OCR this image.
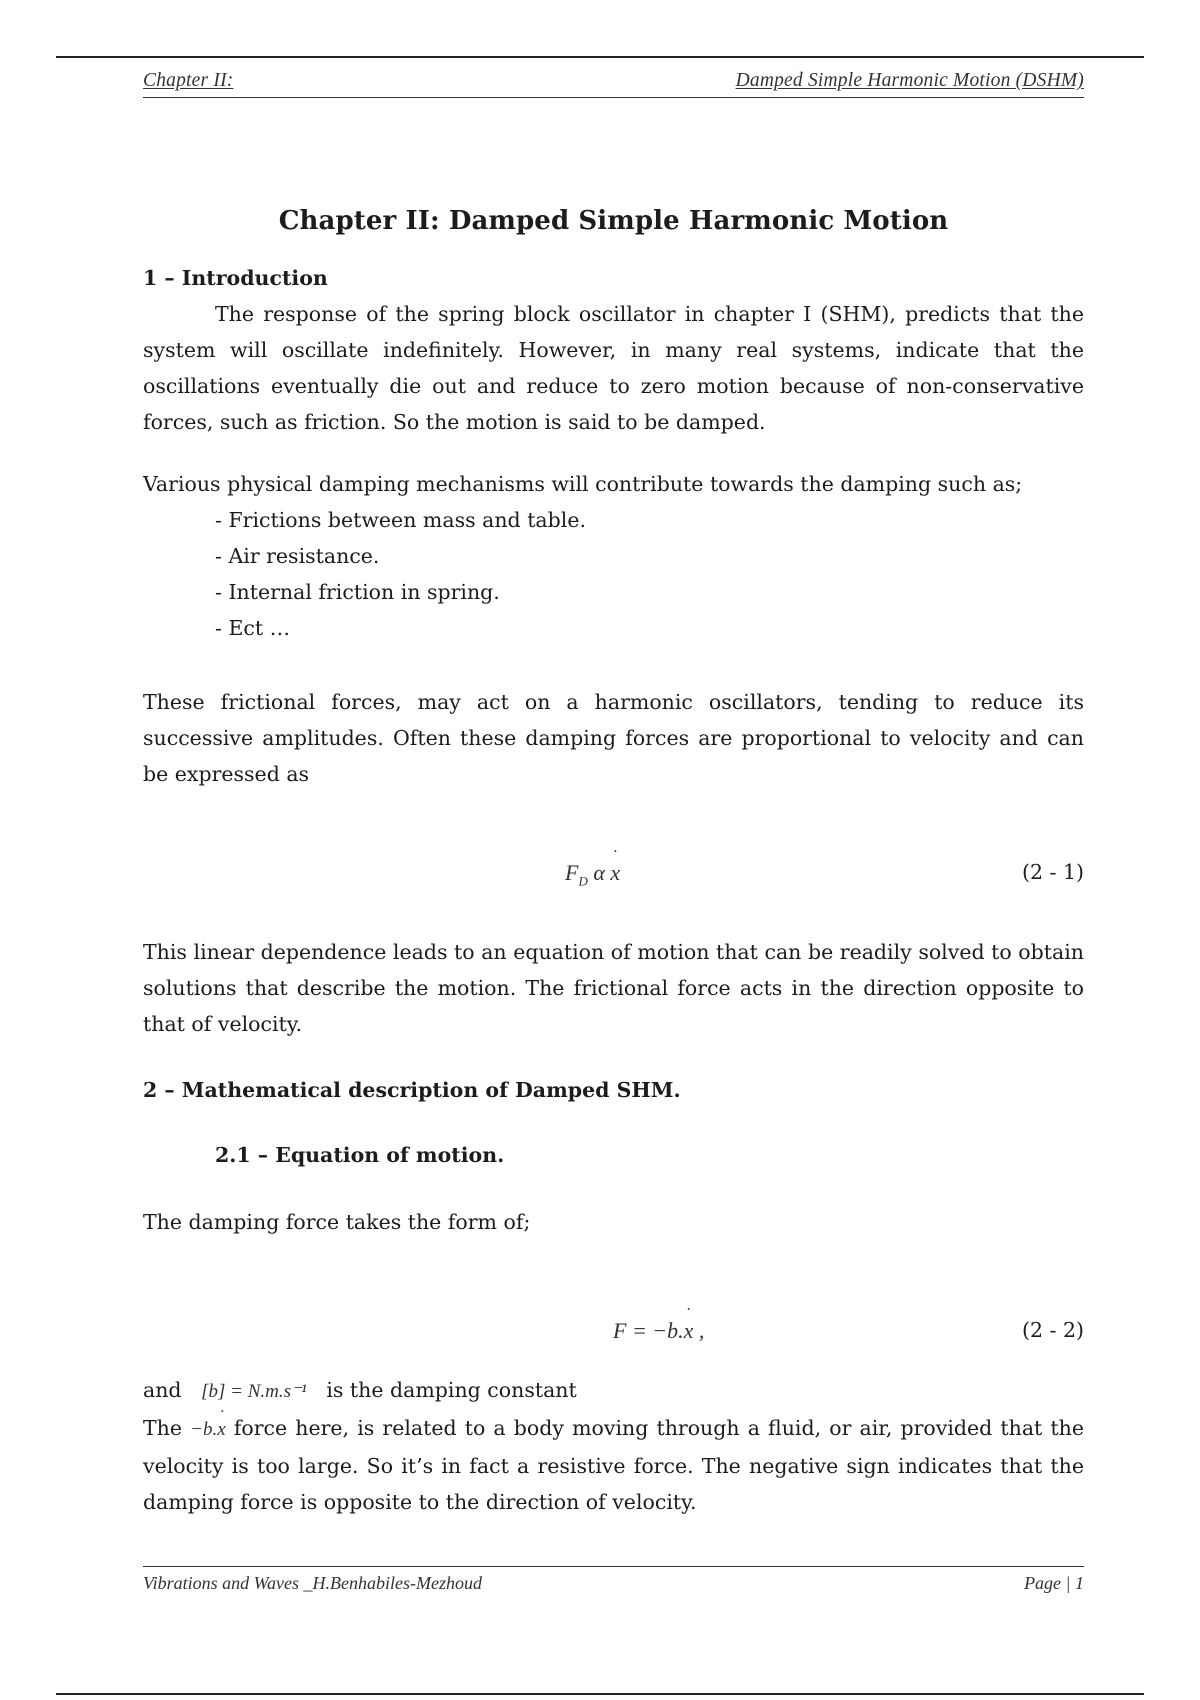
Chapter II:	Damped Simple Harmonic Motion (DSHM)
Chapter II: Damped Simple Harmonic Motion

1 – Introduction

The response of the spring block oscillator in chapter I (SHM), predicts that the system will oscillate indefinitely. However, in many real systems, indicate that the oscillations eventually die out and reduce to zero motion because of non-conservative forces, such as friction. So the motion is said to be damped.

Various physical damping mechanisms will contribute towards the damping such as;

- Frictions between mass and table.
- Air resistance.
- Internal friction in spring.
- Ect …

These frictional forces, may act on a harmonic oscillators, tending to reduce its successive amplitudes. Often these damping forces are proportional to velocity and can be expressed as

$F_D$ α x ˙	(2 - 1)

This linear dependence leads to an equation of motion that can be readily solved to obtain solutions that describe the motion. The frictional force acts in the direction opposite to that of velocity.

2 – Mathematical description of Damped SHM.

2.1 – Equation of motion.

The damping force takes the form of;

F = −b.x ˙ ,	(2 - 2)

and [b] = N.m.s⁻¹ is the damping constant

The −b.x ˙ force here, is related to a body moving through a fluid, or air, provided that the velocity is too large. So it’s in fact a resistive force. The negative sign indicates that the damping force is opposite to the direction of velocity.

Vibrations and Waves _H.Benhabiles-Mezhoud	Page | 1
